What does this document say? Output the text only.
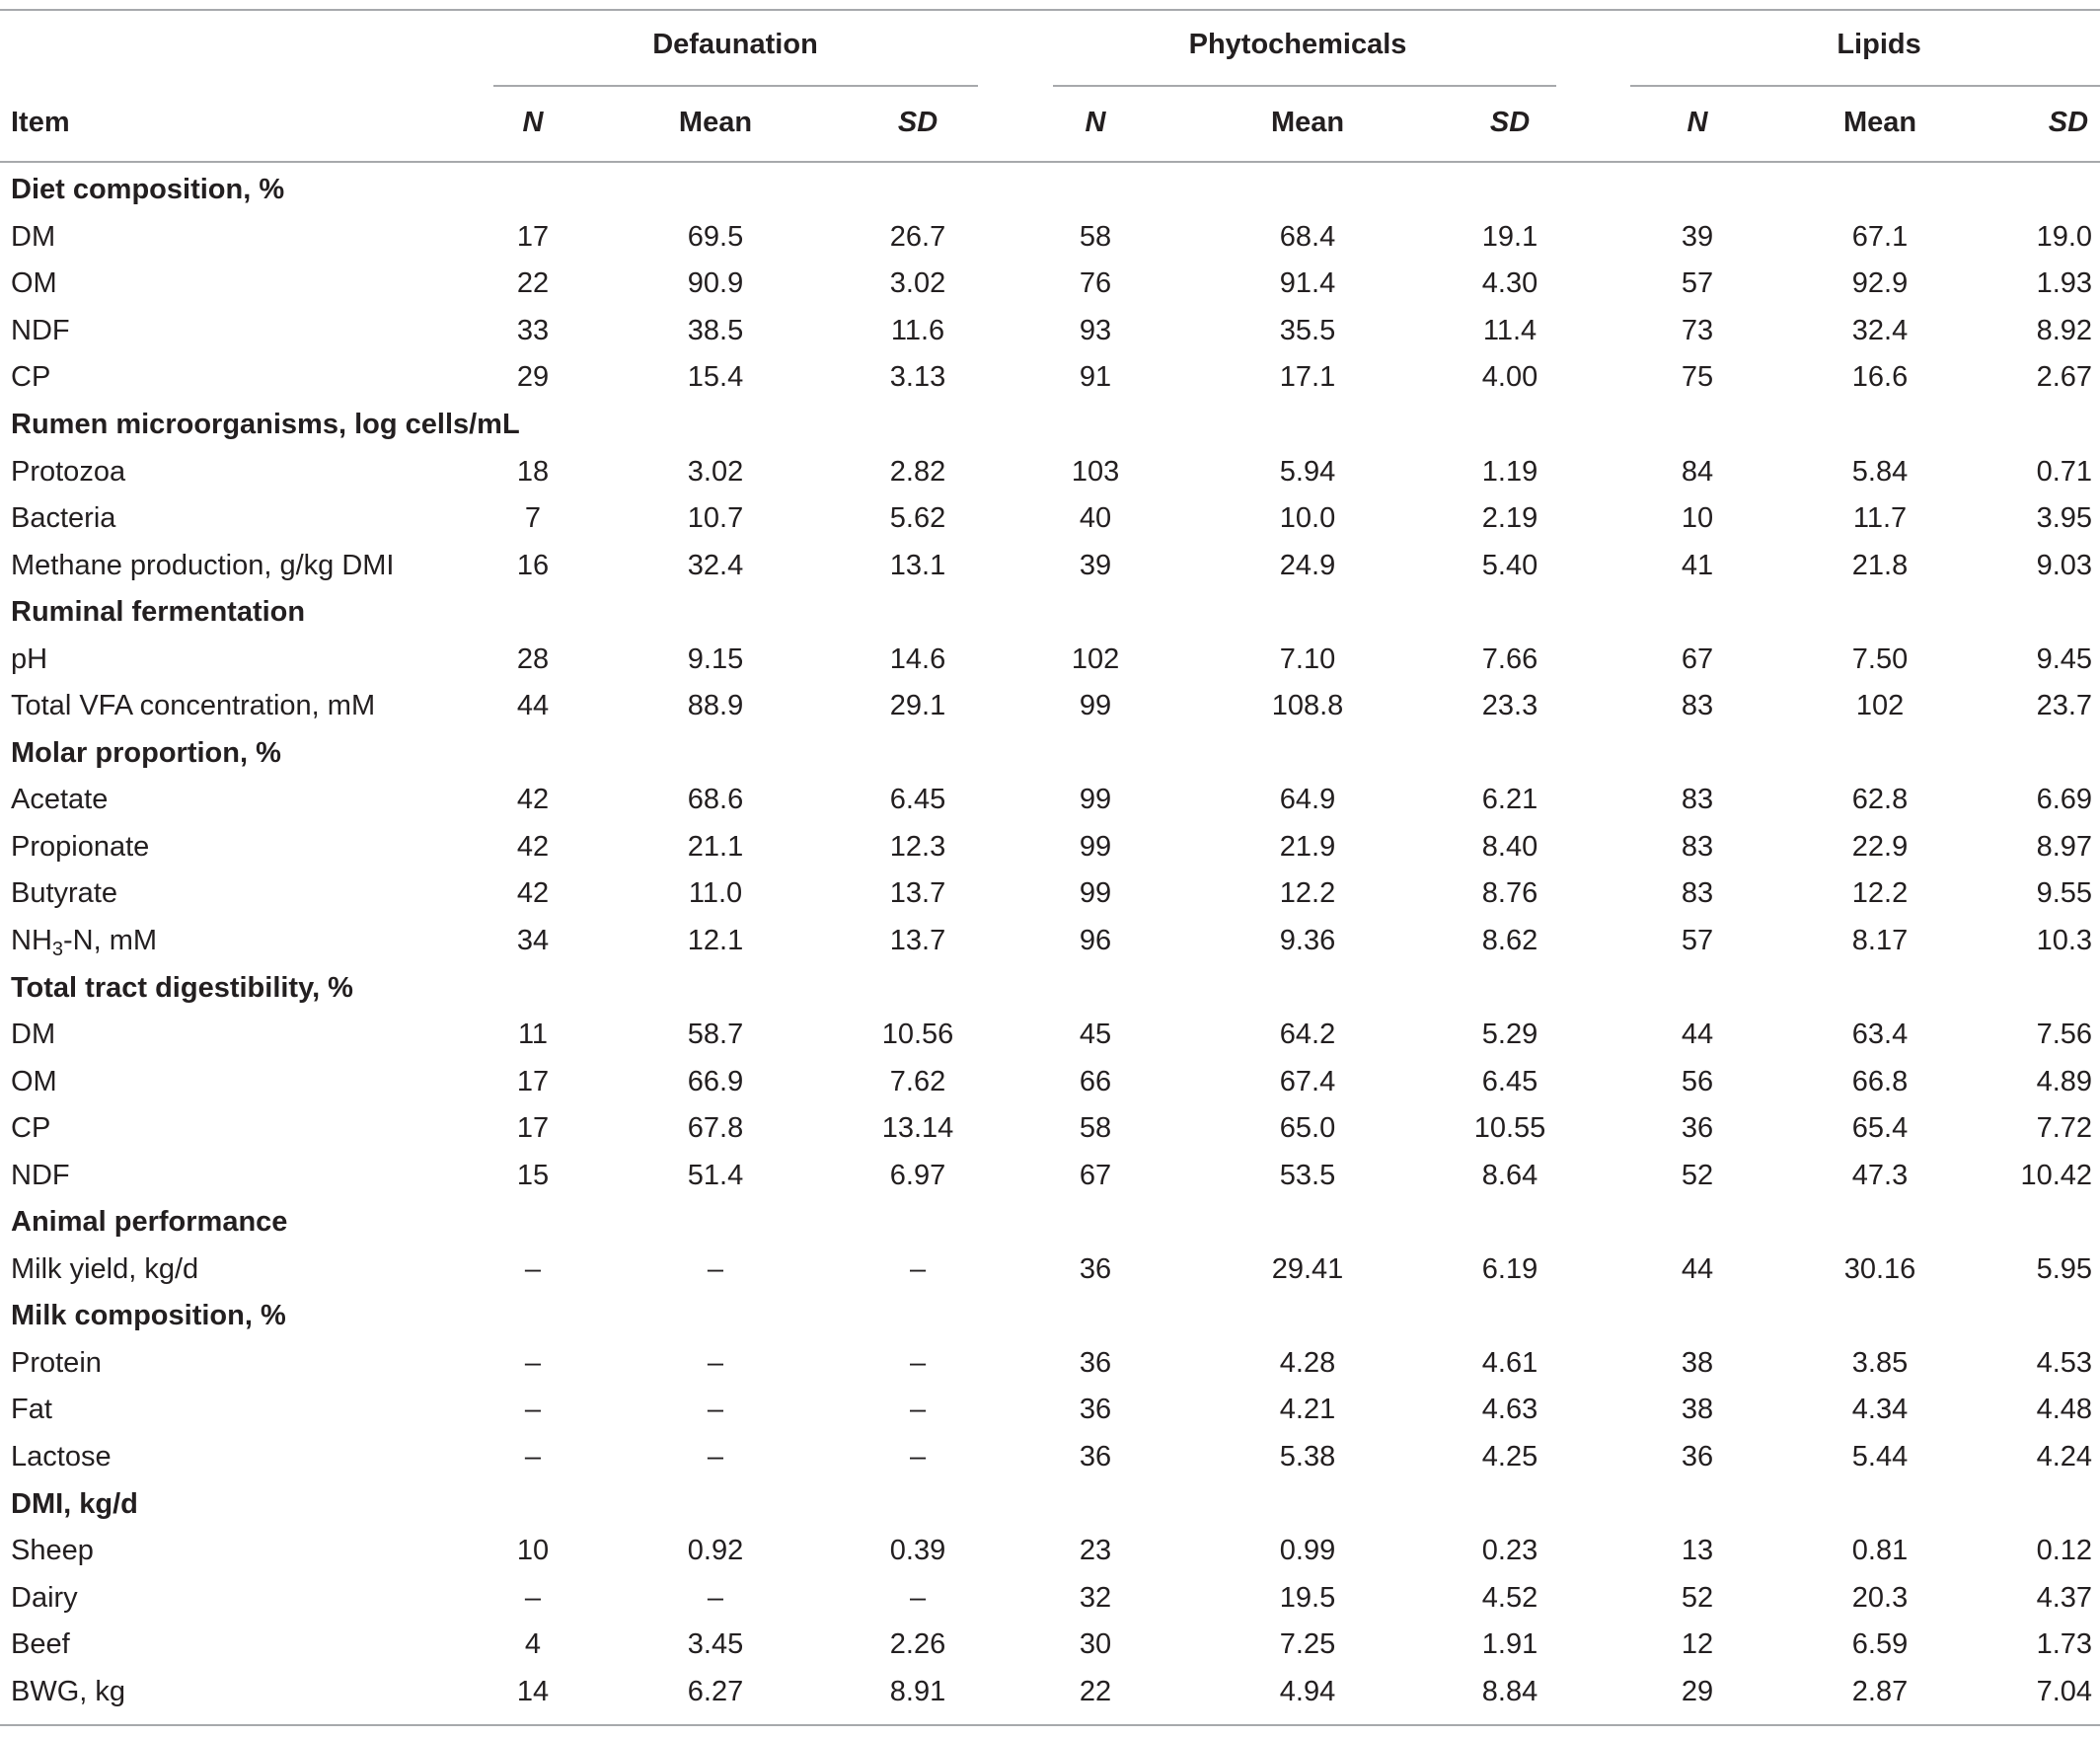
	Defaunation			Phytochemicals			Lipids		
Item	N	Mean	SD	N	Mean	SD	N	Mean	SD
Diet composition, %									
DM	17	69.5	26.7	58	68.4	19.1	39	67.1	19.0
OM	22	90.9	3.02	76	91.4	4.30	57	92.9	1.93
NDF	33	38.5	11.6	93	35.5	11.4	73	32.4	8.92
CP	29	15.4	3.13	91	17.1	4.00	75	16.6	2.67
Rumen microorganisms, log cells/mL									
Protozoa	18	3.02	2.82	103	5.94	1.19	84	5.84	0.71
Bacteria	7	10.7	5.62	40	10.0	2.19	10	11.7	3.95
Methane production, g/kg DMI	16	32.4	13.1	39	24.9	5.40	41	21.8	9.03
Ruminal fermentation									
pH	28	9.15	14.6	102	7.10	7.66	67	7.50	9.45
Total VFA concentration, mM	44	88.9	29.1	99	108.8	23.3	83	102	23.7
Molar proportion, %									
Acetate	42	68.6	6.45	99	64.9	6.21	83	62.8	6.69
Propionate	42	21.1	12.3	99	21.9	8.40	83	22.9	8.97
Butyrate	42	11.0	13.7	99	12.2	8.76	83	12.2	9.55
$NH_3-N$, mM	34	12.1	13.7	96	9.36	8.62	57	8.17	10.3
Total tract digestibility, %									
DM	11	58.7	10.56	45	64.2	5.29	44	63.4	7.56
OM	17	66.9	7.62	66	67.4	6.45	56	66.8	4.89
CP	17	67.8	13.14	58	65.0	10.55	36	65.4	7.72
NDF	15	51.4	6.97	67	53.5	8.64	52	47.3	10.42
Animal performance									
Milk yield, kg/d	–	–	–	36	29.41	6.19	44	30.16	5.95
Milk composition, %									
Protein	–	–	–	36	4.28	4.61	38	3.85	4.53
Fat	–	–	–	36	4.21	4.63	38	4.34	4.48
Lactose	–	–	–	36	5.38	4.25	36	5.44	4.24
DMI, kg/d									
Sheep	10	0.92	0.39	23	0.99	0.23	13	0.81	0.12
Dairy	–	–	–	32	19.5	4.52	52	20.3	4.37
Beef	4	3.45	2.26	30	7.25	1.91	12	6.59	1.73
BWG, kg	14	6.27	8.91	22	4.94	8.84	29	2.87	7.04
